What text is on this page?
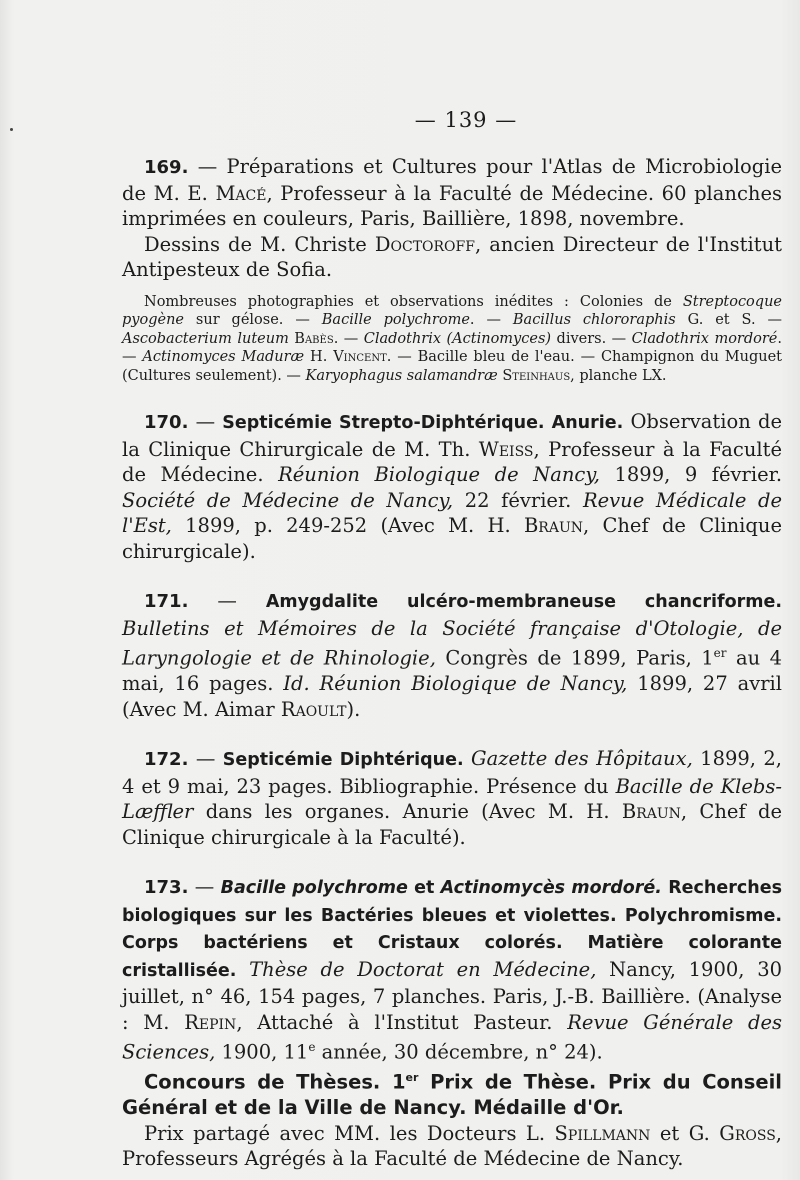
— 139 —

169. — Préparations et Cultures pour l'Atlas de Microbiologie de M. E. Macé, Professeur à la Faculté de Médecine. 60 planches imprimées en couleurs, Paris, Baillière, 1898, novembre.

Dessins de M. Christe Doctoroff, ancien Directeur de l'Institut Antipesteux de Sofia.

Nombreuses photographies et observations inédites : Colonies de Streptocoque pyogène sur gélose. — Bacille polychrome. — Bacillus chlororaphis G. et S. — Ascobacterium luteum Babès. — Cladothrix (Actinomyces) divers. — Cladothrix mordoré. — Actinomyces Maduræ H. Vincent. — Bacille bleu de l'eau. — Champignon du Muguet (Cultures seulement). — Karyophagus salamandræ Steinhaus, planche LX.

170. — Septicémie Strepto-Diphtérique. Anurie. Observation de la Clinique Chirurgicale de M. Th. Weiss, Professeur à la Faculté de Médecine. Réunion Biologique de Nancy, 1899, 9 février. Société de Médecine de Nancy, 22 février. Revue Médicale de l'Est, 1899, p. 249-252 (Avec M. H. Braun, Chef de Clinique chirurgicale).

171. — Amygdalite ulcéro-membraneuse chancriforme. Bulletins et Mémoires de la Société française d'Otologie, de Laryngologie et de Rhinologie, Congrès de 1899, Paris, 1er au 4 mai, 16 pages. Id. Réunion Biologique de Nancy, 1899, 27 avril (Avec M. Aimar Raoult).

172. — Septicémie Diphtérique. Gazette des Hôpitaux, 1899, 2, 4 et 9 mai, 23 pages. Bibliographie. Présence du Bacille de Klebs-Læffler dans les organes. Anurie (Avec M. H. Braun, Chef de Clinique chirurgicale à la Faculté).

173. — Bacille polychrome et Actinomycès mordoré. Recherches biologiques sur les Bactéries bleues et violettes. Polychromisme. Corps bactériens et Cristaux colorés. Matière colorante cristallisée. Thèse de Doctorat en Médecine, Nancy, 1900, 30 juillet, n° 46, 154 pages, 7 planches. Paris, J.-B. Baillière. (Analyse : M. Repin, Attaché à l'Institut Pasteur. Revue Générale des Sciences, 1900, 11e année, 30 décembre, n° 24).

Concours de Thèses. 1er Prix de Thèse. Prix du Conseil Général et de la Ville de Nancy. Médaille d'Or.

Prix partagé avec MM. les Docteurs L. Spillmann et G. Gross, Professeurs Agrégés à la Faculté de Médecine de Nancy.
